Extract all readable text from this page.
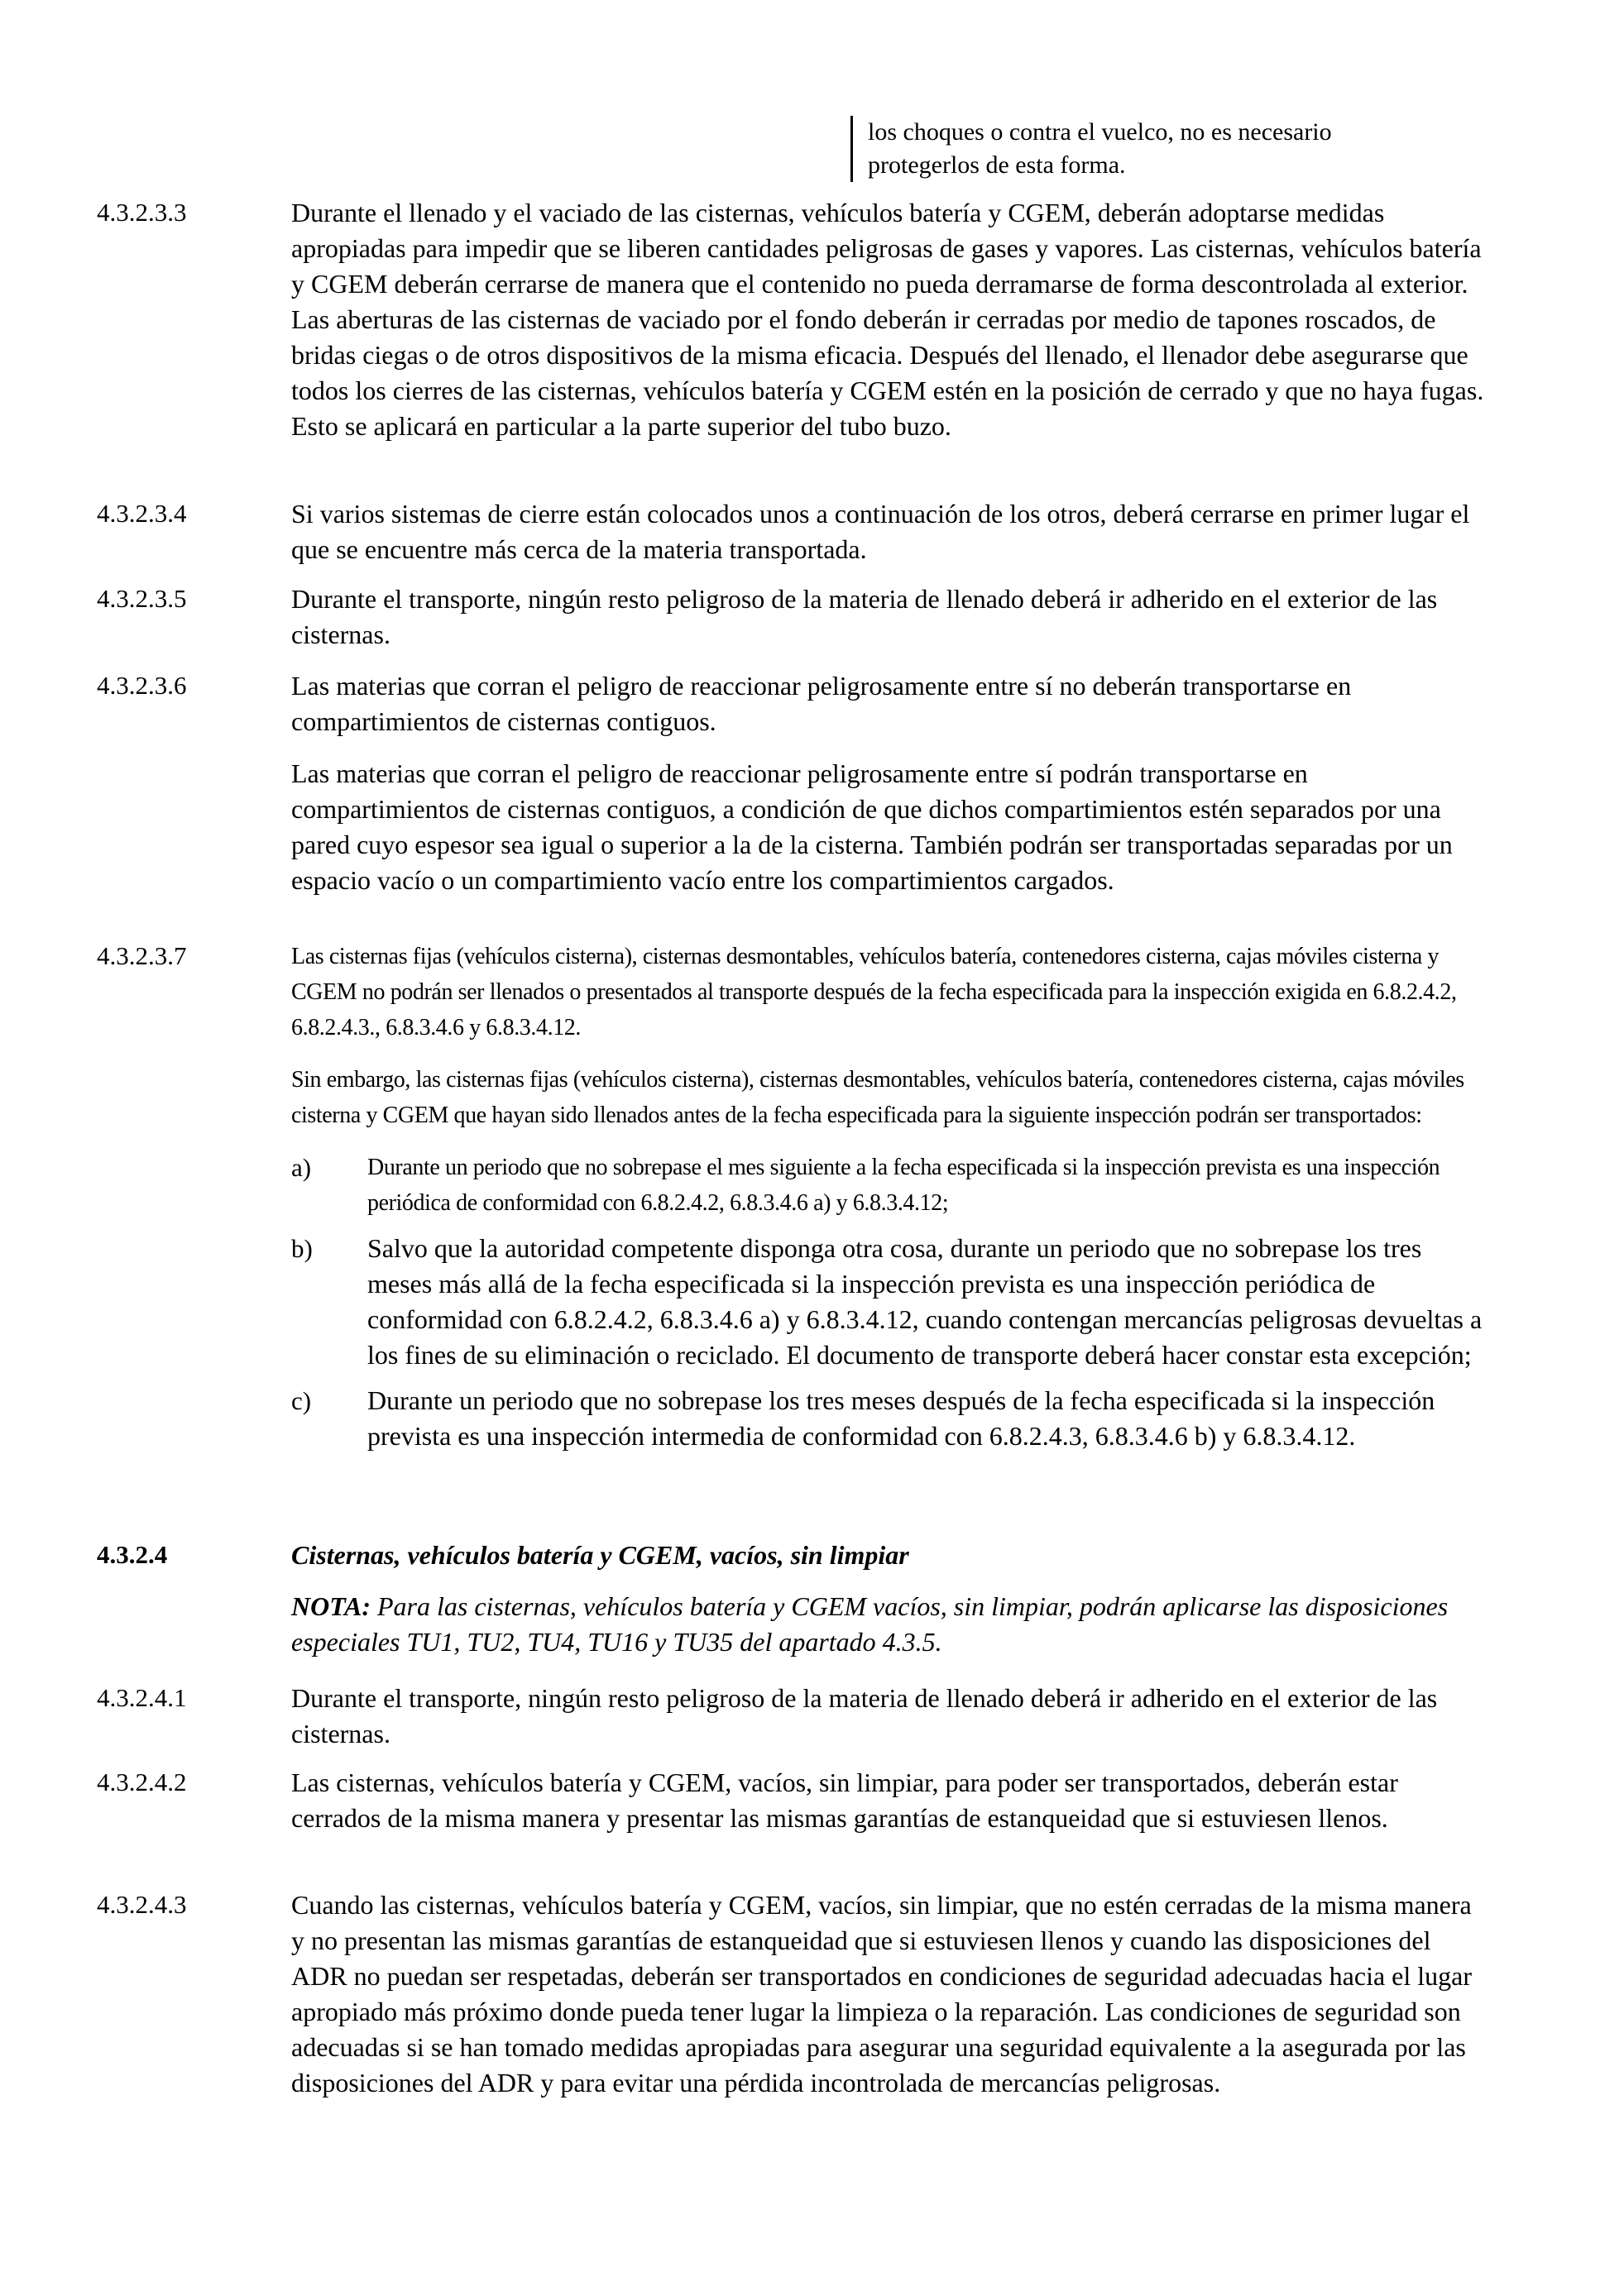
los choques o contra el vuelco, no es necesario
protegerlos de esta forma.
4.3.2.3.3	Durante el llenado y el vaciado de las cisternas, vehículos batería y CGEM, deberán adoptarse medidas apropiadas para impedir que se liberen cantidades peligrosas de gases y vapores. Las cisternas, vehículos batería y CGEM deberán cerrarse de manera que el contenido no pueda derramarse de forma descontrolada al exterior. Las aberturas de las cisternas de vaciado por el fondo deberán ir cerradas por medio de tapones roscados, de bridas ciegas o de otros dispositivos de la misma eficacia. Después del llenado, el llenador debe asegurarse que todos los cierres de las cisternas, vehículos batería y CGEM estén en la posición de cerrado y que no haya fugas. Esto se aplicará en particular a la parte superior del tubo buzo.

4.3.2.3.4	Si varios sistemas de cierre están colocados unos a continuación de los otros, deberá cerrarse en primer lugar el que se encuentre más cerca de la materia transportada.

4.3.2.3.5	Durante el transporte, ningún resto peligroso de la materia de llenado deberá ir adherido en el exterior de las cisternas.

4.3.2.3.6	Las materias que corran el peligro de reaccionar peligrosamente entre sí no deberán transportarse en compartimientos de cisternas contiguos.

Las materias que corran el peligro de reaccionar peligrosamente entre sí podrán transportarse en compartimientos de cisternas contiguos, a condición de que dichos compartimientos estén separados por una pared cuyo espesor sea igual o superior a la de la cisterna. También podrán ser transportadas separadas por un espacio vacío o un compartimiento vacío entre los compartimientos cargados.

4.3.2.3.7	Las cisternas fijas (vehículos cisterna), cisternas desmontables, vehículos batería, contenedores cisterna, cajas móviles cisterna y CGEM no podrán ser llenados o presentados al transporte después de la fecha especificada para la inspección exigida en 6.8.2.4.2, 6.8.2.4.3., 6.8.3.4.6 y 6.8.3.4.12.

Sin embargo, las cisternas fijas (vehículos cisterna), cisternas desmontables, vehículos batería, contenedores cisterna, cajas móviles cisterna y CGEM que hayan sido llenados antes de la fecha especificada para la siguiente inspección podrán ser transportados:

a) Durante un periodo que no sobrepase el mes siguiente a la fecha especificada si la inspección prevista es una inspección periódica de conformidad con 6.8.2.4.2, 6.8.3.4.6 a) y 6.8.3.4.12;
b) Salvo que la autoridad competente disponga otra cosa, durante un periodo que no sobrepase los tres meses más allá de la fecha especificada si la inspección prevista es una inspección periódica de conformidad con 6.8.2.4.2, 6.8.3.4.6 a) y 6.8.3.4.12, cuando contengan mercancías peligrosas devueltas a los fines de su eliminación o reciclado. El documento de transporte deberá hacer constar esta excepción;
c) Durante un periodo que no sobrepase los tres meses después de la fecha especificada si la inspección prevista es una inspección intermedia de conformidad con 6.8.2.4.3, 6.8.3.4.6 b) y 6.8.3.4.12.
4.3.2.4	Cisternas, vehículos batería y CGEM, vacíos, sin limpiar

NOTA: Para las cisternas, vehículos batería y CGEM vacíos, sin limpiar, podrán aplicarse las disposiciones especiales TU1, TU2, TU4, TU16 y TU35 del apartado 4.3.5.

4.3.2.4.1	Durante el transporte, ningún resto peligroso de la materia de llenado deberá ir adherido en el exterior de las cisternas.

4.3.2.4.2	Las cisternas, vehículos batería y CGEM, vacíos, sin limpiar, para poder ser transportados, deberán estar cerrados de la misma manera y presentar las mismas garantías de estanqueidad que si estuviesen llenos.

4.3.2.4.3	Cuando las cisternas, vehículos batería y CGEM, vacíos, sin limpiar, que no estén cerradas de la misma manera y no presentan las mismas garantías de estanqueidad que si estuviesen llenos y cuando las disposiciones del ADR no puedan ser respetadas, deberán ser transportados en condiciones de seguridad adecuadas hacia el lugar apropiado más próximo donde pueda tener lugar la limpieza o la reparación. Las condiciones de seguridad son adecuadas si se han tomado medidas apropiadas para asegurar una seguridad equivalente a la asegurada por las disposiciones del ADR y para evitar una pérdida incontrolada de mercancías peligrosas.
